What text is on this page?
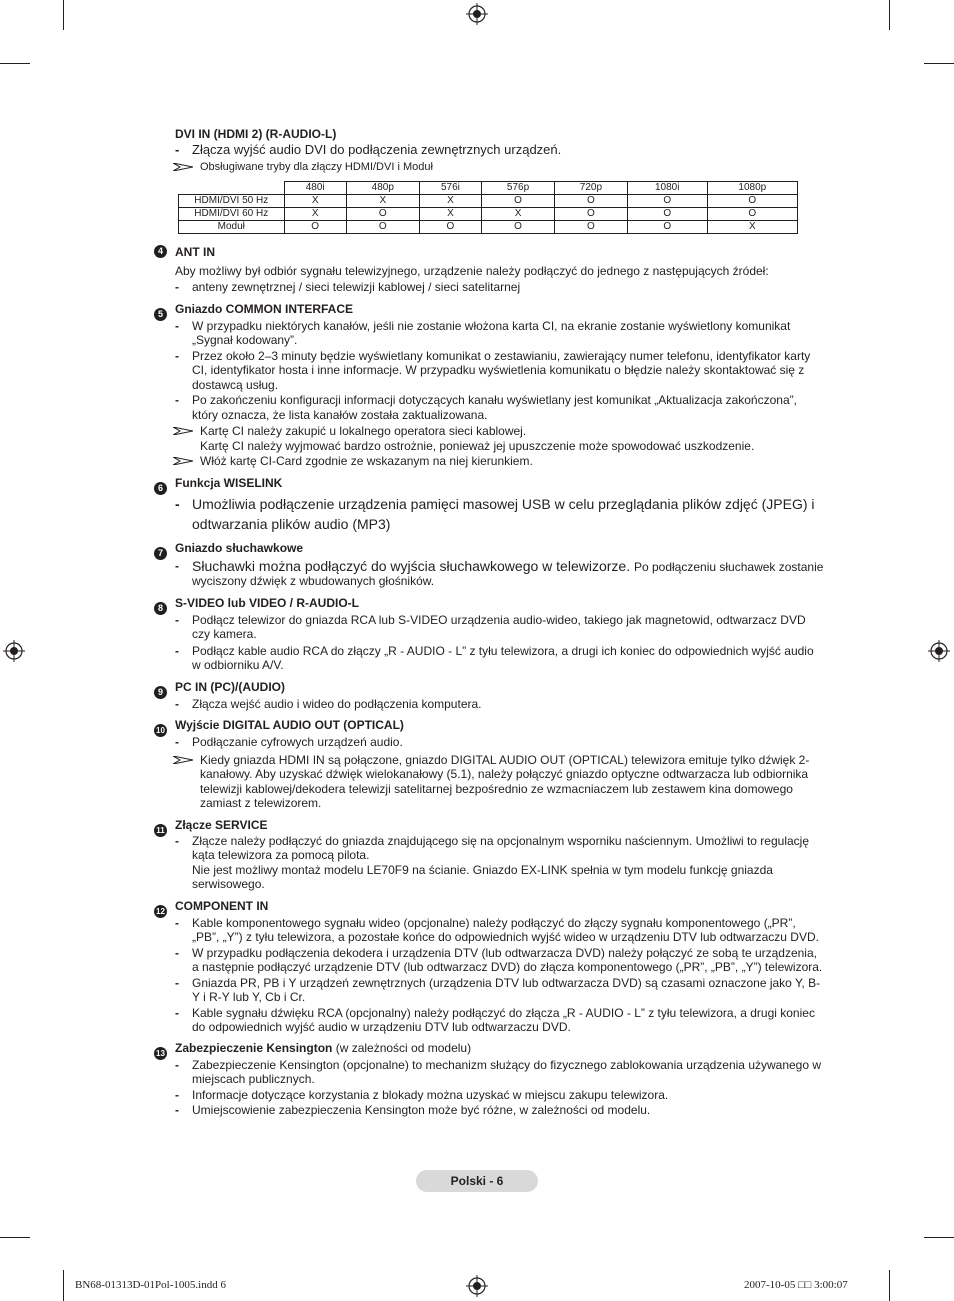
DVI IN (HDMI 2) (R-AUDIO-L)
- Złącza wyjść audio DVI do podłączenia zewnętrznych urządzeń.
Obsługiwane tryby dla złączy HDMI/DVI i Moduł
	480i	480p	576i	576p	720p	1080i	1080p
HDMI/DVI 50 Hz	X	X	X	O	O	O	O
HDMI/DVI 60 Hz	X	O	X	X	O	O	O
Moduł	O	O	O	O	O	O	X
4	ANT IN
Aby możliwy był odbiór sygnału telewizyjnego, urządzenie należy podłączyć do jednego z następujących źródeł:
- anteny zewnętrznej / sieci telewizji kablowej / sieci satelitarnej
5	Gniazdo COMMON INTERFACE
- W przypadku niektórych kanałów, jeśli nie zostanie włożona karta CI, na ekranie zostanie wyświetlony komunikat „Sygnał kodowany”.
- Przez około 2–3 minuty będzie wyświetlany komunikat o zestawianiu, zawierający numer telefonu, identyfikator karty CI, identyfikator hosta i inne informacje. W przypadku wyświetlenia komunikatu o błędzie należy skontaktować się z dostawcą usług.
- Po zakończeniu konfiguracji informacji dotyczących kanału wyświetlany jest komunikat „Aktualizacja zakończona”, który oznacza, że lista kanałów została zaktualizowana.
Kartę CI należy zakupić u lokalnego operatora sieci kablowej.
Kartę CI należy wyjmować bardzo ostrożnie, ponieważ jej upuszczenie może spowodować uszkodzenie.
Włóż kartę CI-Card zgodnie ze wskazanym na niej kierunkiem.
6	Funkcja WISELINK
- Umożliwia podłączenie urządzenia pamięci masowej USB w celu przeglądania plików zdjęć (JPEG) i odtwarzania plików audio (MP3)
7	Gniazdo słuchawkowe
- Słuchawki można podłączyć do wyjścia słuchawkowego w telewizorze. Po podłączeniu słuchawek zostanie wyciszony dźwięk z wbudowanych głośników.
8	S-VIDEO lub VIDEO / R-AUDIO-L
- Podłącz telewizor do gniazda RCA lub S-VIDEO urządzenia audio-wideo, takiego jak magnetowid, odtwarzacz DVD czy kamera.
- Podłącz kable audio RCA do złączy „R - AUDIO - L” z tyłu telewizora, a drugi ich koniec do odpowiednich wyjść audio w odbiorniku A/V.
9	PC IN (PC)/(AUDIO)
- Złącza wejść audio i wideo do podłączenia komputera.
10 Wyjście DIGITAL AUDIO OUT (OPTICAL)
- Podłączanie cyfrowych urządzeń audio.
Kiedy gniazda HDMI IN są połączone, gniazdo DIGITAL AUDIO OUT (OPTICAL) telewizora emituje tylko dźwięk 2-kanałowy. Aby uzyskać dźwięk wielokanałowy (5.1), należy połączyć gniazdo optyczne odtwarzacza lub odbiornika telewizji kablowej/dekodera telewizji satelitarnej bezpośrednio ze wzmacniaczem lub zestawem kina domowego zamiast z telewizorem.
11 Złącze SERVICE
- Złącze należy podłączyć do gniazda znajdującego się na opcjonalnym wsporniku naściennym. Umożliwi to regulację kąta telewizora za pomocą pilota.
Nie jest możliwy montaż modelu LE70F9 na ścianie. Gniazdo EX-LINK spełnia w tym modelu funkcję gniazda serwisowego.
12 COMPONENT IN
- Kable komponentowego sygnału wideo (opcjonalne) należy podłączyć do złączy sygnału komponentowego („PR”, „PB”, „Y”) z tyłu telewizora, a pozostałe końce do odpowiednich wyjść wideo w urządzeniu DTV lub odtwarzaczu DVD.
- W przypadku podłączenia dekodera i urządzenia DTV (lub odtwarzacza DVD) należy połączyć ze sobą te urządzenia, a następnie podłączyć urządzenie DTV (lub odtwarzacz DVD) do złącza komponentowego („PR”, „PB”, „Y”) telewizora.
- Gniazda PR, PB i Y urządzeń zewnętrznych (urządzenia DTV lub odtwarzacza DVD) są czasami oznaczone jako Y, B-Y i R-Y lub Y, Cb i Cr.
- Kable sygnału dźwięku RCA (opcjonalny) należy podłączyć do złącza „R - AUDIO - L” z tyłu telewizora, a drugi koniec do odpowiednich wyjść audio w urządzeniu DTV lub odtwarzaczu DVD.
13 Zabezpieczenie Kensington (w zależności od modelu)
- Zabezpieczenie Kensington (opcjonalne) to mechanizm służący do fizycznego zablokowania urządzenia używanego w miejscach publicznych.
- Informacje dotyczące korzystania z blokady można uzyskać w miejscu zakupu telewizora.
- Umiejscowienie zabezpieczenia Kensington może być różne, w zależności od modelu.
Polski - 6
BN68-01313D-01Pol-1005.indd 6	2007-10-05 □□ 3:00:07
